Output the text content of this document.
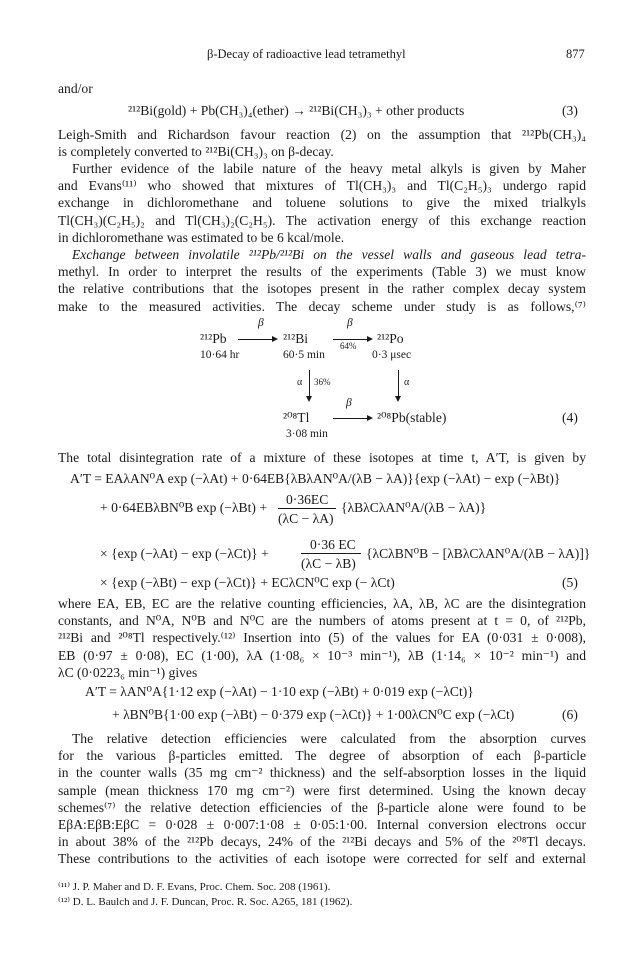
β-Decay of radioactive lead tetramethyl	877
and/or
²¹²Bi(gold) + Pb(CH₃)₄(ether) → ²¹²Bi(CH₃)₃ + other products	(3)
Leigh-Smith and Richardson favour reaction (2) on the assumption that ²¹²Pb(CH₃)₄
is completely converted to ²¹²Bi(CH₃)₃ on β-decay.
Further evidence of the labile nature of the heavy metal alkyls is given by Maher
and Evans⁽¹¹⁾ who showed that mixtures of Tl(CH₃)₃ and Tl(C₂H₅)₃ undergo rapid
exchange in dichloromethane and toluene solutions to give the mixed trialkyls
Tl(CH₃)(C₂H₅)₂ and Tl(CH₃)₂(C₂H₅). The activation energy of this exchange reaction
in dichloromethane was estimated to be 6 kcal/mole.
Exchange between involatile ²¹²Pb/²¹²Bi on the vessel walls and gaseous lead tetra-
methyl. In order to interpret the results of the experiments (Table 3) we must know
the relative contributions that the isotopes present in the rather complex decay system
make to the measured activities. The decay scheme under study is as follows,⁽⁷⁾
²¹²Pb
10·64 hr
β
²¹²Bi
60·5 min
β
64% ²¹²Po
0·3 μsec
α 36%	α
²⁰⁸Tl
3·08 min
β
²⁰⁸Pb(stable)	(4)
The total disintegration rate of a mixture of these isotopes at time t, A′T, is given by
A′T = EAλAN⁰A exp (−λAt) + 0·64EB{λBλAN⁰A/(λB − λA)}{exp (−λAt) − exp (−λBt)}
+ 0·64EBλBN⁰B exp (−λBt) +
0·36EC
(λC − λA)
{λBλCλAN⁰A/(λB − λA)}
× {exp (−λAt) − exp (−λCt)} +
0·36 EC
(λC − λB)
{λCλBN⁰B − [λBλCλAN⁰A/(λB − λA)]}
× {exp (−λBt) − exp (−λCt)} + ECλCN⁰C exp (− λCt)	(5)
where EA, EB, EC are the relative counting efficiencies, λA, λB, λC are the disintegration
constants, and N⁰A, N⁰B and N⁰C are the numbers of atoms present at t = 0, of ²¹²Pb,
²¹²Bi and ²⁰⁸Tl respectively.⁽¹²⁾ Insertion into (5) of the values for EA (0·031 ± 0·008),
EB (0·97 ± 0·08), EC (1·00), λA (1·08₆ × 10⁻³ min⁻¹), λB (1·14₆ × 10⁻² min⁻¹) and
λC (0·0223₆ min⁻¹) gives
A′T = λAN⁰A{1·12 exp (−λAt) − 1·10 exp (−λBt) + 0·019 exp (−λCt)}
+ λBN⁰B{1·00 exp (−λBt) − 0·379 exp (−λCt)} + 1·00λCN⁰C exp (−λCt)	(6)
The relative detection efficiencies were calculated from the absorption curves
for the various β-particles emitted. The degree of absorption of each β-particle
in the counter walls (35 mg cm⁻² thickness) and the self-absorption losses in the liquid
sample (mean thickness 170 mg cm⁻²) were first determined. Using the known decay
schemes⁽⁷⁾ the relative detection efficiencies of the β-particle alone were found to be
EβA:EβB:EβC = 0·028 ± 0·007:1·08 ± 0·05:1·00. Internal conversion electrons occur
in about 38% of the ²¹²Pb decays, 24% of the ²¹²Bi decays and 5% of the ²⁰⁸Tl decays.
These contributions to the activities of each isotope were corrected for self and external
⁽¹¹⁾ J. P. Maher and D. F. Evans, Proc. Chem. Soc. 208 (1961).
⁽¹²⁾ D. L. Baulch and J. F. Duncan, Proc. R. Soc. A265, 181 (1962).
